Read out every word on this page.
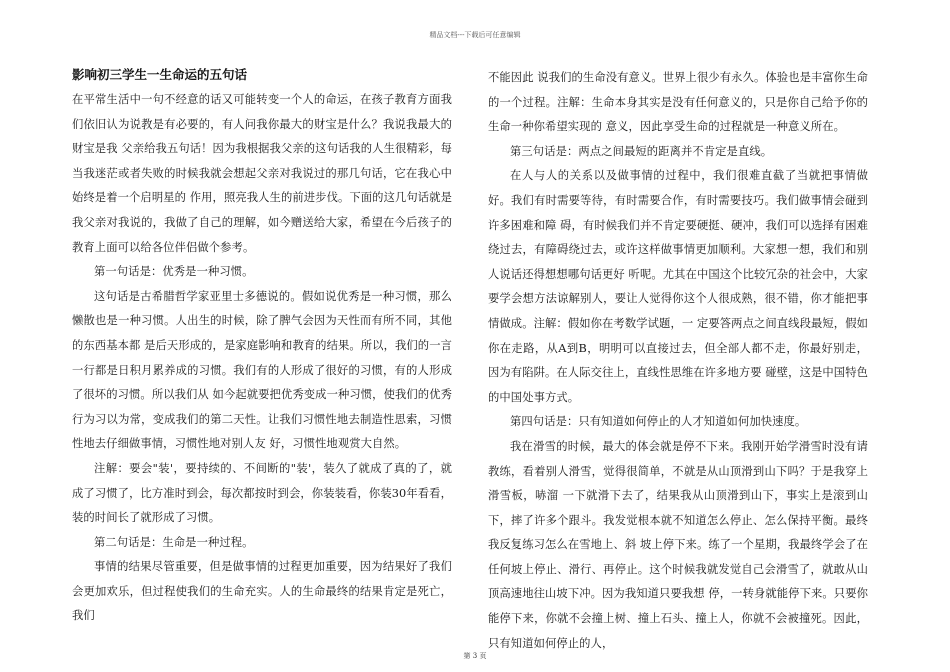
精品文档---下载后可任意编辑
影响初三学生一生命运的五句话

在平常生活中一句不经意的话又可能转变一个人的命运，在孩子教育方面我们依旧认为说教是有必要的，有人问我你最大的财宝是什么？我说我最大的财宝是我 父亲给我五句话！因为我根据我父亲的这句话我的人生很精彩，每当我迷茫或者失败的时候我就会想起父亲对我说过的那几句话，它在我心中始终是着一个启明星的 作用，照亮我人生的前进步伐。下面的这几句话就是我父亲对我说的，我做了自己的理解，如今赠送给大家，希望在今后孩子的教育上面可以给各位伴侣做个参考。

第一句话是：优秀是一种习惯。

这句话是古希腊哲学家亚里士多德说的。假如说优秀是一种习惯，那么懒散也是一种习惯。人出生的时候，除了脾气会因为天性而有所不同，其他的东西基本都 是后天形成的，是家庭影响和教育的结果。所以，我们的一言一行都是日积月累养成的习惯。我们有的人形成了很好的习惯，有的人形成了很坏的习惯。所以我们从 如今起就要把优秀变成一种习惯，使我们的优秀行为习以为常，变成我们的第二天性。让我们习惯性地去制造性思索，习惯性地去仔细做事情，习惯性地对别人友 好，习惯性地观赏大自然。

注解：要会"装'，要持续的、不间断的"装'，装久了就成了真的了，就成了习惯了，比方准时到会，每次都按时到会，你装装看，你装30年看看，装的时间长了就形成了习惯。

第二句话是：生命是一种过程。

事情的结果尽管重要，但是做事情的过程更加重要，因为结果好了我们会更加欢乐，但过程使我们的生命充实。人的生命最终的结果肯定是死亡，我们

不能因此 说我们的生命没有意义。世界上很少有永久。体验也是丰富你生命的一个过程。注解：生命本身其实是没有任何意义的，只是你自己给予你的生命一种你希望实现的 意义，因此享受生命的过程就是一种意义所在。

第三句话是：两点之间最短的距离并不肯定是直线。

在人与人的关系以及做事情的过程中，我们很难直截了当就把事情做好。我们有时需要等待，有时需要合作，有时需要技巧。我们做事情会碰到许多困难和障 碍，有时候我们并不肯定要硬挺、硬冲，我们可以选择有困难绕过去，有障碍绕过去，或许这样做事情更加顺利。大家想一想，我们和别人说话还得想想哪句话更好 听呢。尤其在中国这个比较冗杂的社会中，大家要学会想方法谅解别人，要让人觉得你这个人很成熟，很不错，你才能把事情做成。注解：假如你在考数学试题，一 定要答两点之间直线段最短，假如你在走路，从A到B，明明可以直接过去，但全部人都不走，你最好别走，因为有陷阱。在人际交往上，直线性思维在许多地方要 碰壁，这是中国特色的中国处事方式。

第四句话是：只有知道如何停止的人才知道如何加快速度。

我在滑雪的时候，最大的体会就是停不下来。我刚开始学滑雪时没有请教练，看着别人滑雪，觉得很简单，不就是从山顶滑到山下吗？于是我穿上滑雪板，哧溜 一下就滑下去了，结果我从山顶滑到山下，事实上是滚到山下，摔了许多个跟斗。我发觉根本就不知道怎么停止、怎么保持平衡。最终我反复练习怎么在雪地上、斜 坡上停下来。练了一个星期，我最终学会了在任何坡上停止、滑行、再停止。这个时候我就发觉自己会滑雪了，就敢从山顶高速地往山坡下冲。因为我知道只要我想 停，一转身就能停下来。只要你能停下来，你就不会撞上树、撞上石头、撞上人，你就不会被撞死。因此，只有知道如何停止的人，

第 3 页
